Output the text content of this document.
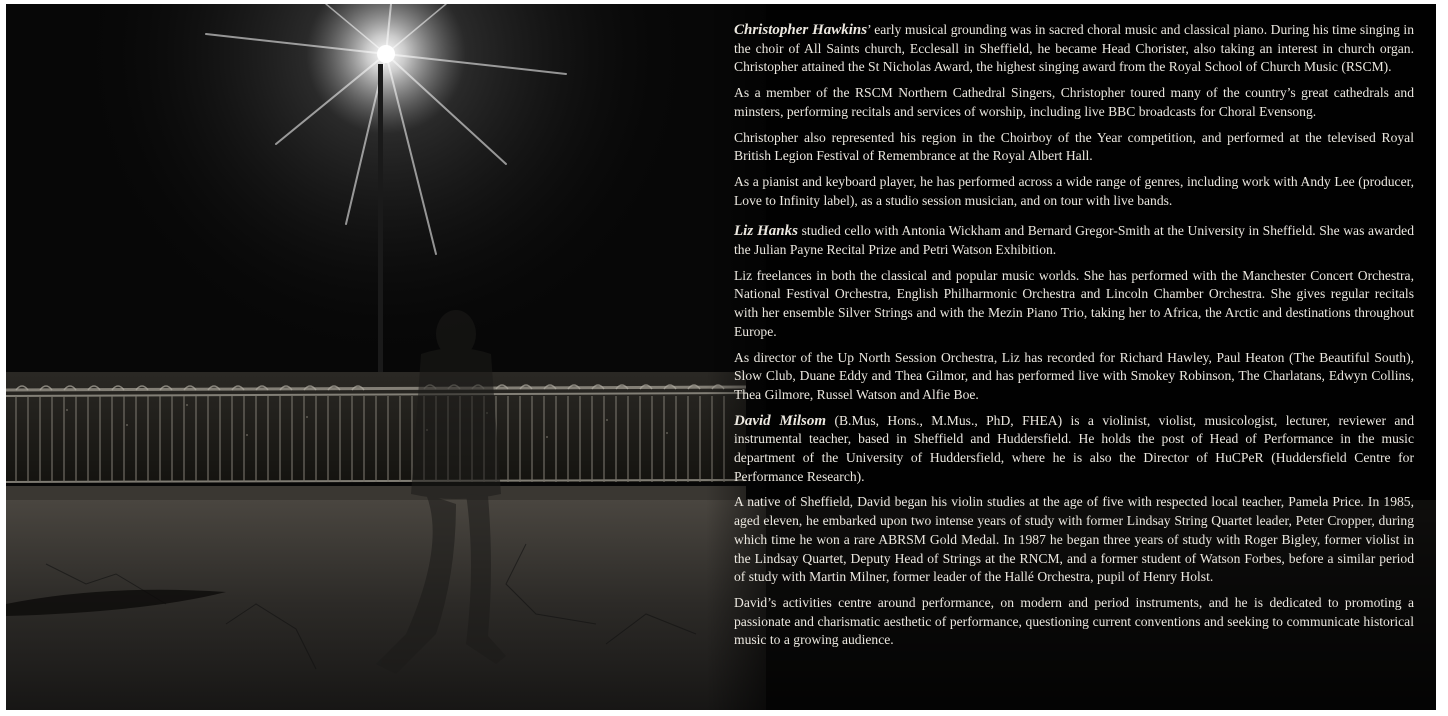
Christopher Hawkins’ early musical grounding was in sacred choral music and classical piano. During his time singing in the choir of All Saints church, Ecclesall in Sheffield, he became Head Chorister, also taking an interest in church organ. Christopher attained the St Nicholas Award, the highest singing award from the Royal School of Church Music (RSCM).

As a member of the RSCM Northern Cathedral Singers, Christopher toured many of the country’s great cathedrals and minsters, performing recitals and services of worship, including live BBC broadcasts for Choral Evensong.

Christopher also represented his region in the Choirboy of the Year competition, and performed at the televised Royal British Legion Festival of Remembrance at the Royal Albert Hall.

As a pianist and keyboard player, he has performed across a wide range of genres, including work with Andy Lee (producer, Love to Infinity label), as a studio session musician, and on tour with live bands.

Liz Hanks studied cello with Antonia Wickham and Bernard Gregor-Smith at the University in Sheffield. She was awarded the Julian Payne Recital Prize and Petri Watson Exhibition.

Liz freelances in both the classical and popular music worlds. She has performed with the Manchester Concert Orchestra, National Festival Orchestra, English Philharmonic Orchestra and Lincoln Chamber Orchestra. She gives regular recitals with her ensemble Silver Strings and with the Mezin Piano Trio, taking her to Africa, the Arctic and destinations throughout Europe.

As director of the Up North Session Orchestra, Liz has recorded for Richard Hawley, Paul Heaton (The Beautiful South), Slow Club, Duane Eddy and Thea Gilmor, and has performed live with Smokey Robinson, The Charlatans, Edwyn Collins, Thea Gilmore, Russel Watson and Alfie Boe.

David Milsom (B.Mus, Hons., M.Mus., PhD, FHEA) is a violinist, violist, musicologist, lecturer, reviewer and instrumental teacher, based in Sheffield and Huddersfield. He holds the post of Head of Performance in the music department of the University of Huddersfield, where he is also the Director of HuCPeR (Huddersfield Centre for Performance Research).

A native of Sheffield, David began his violin studies at the age of five with respected local teacher, Pamela Price. In 1985, aged eleven, he embarked upon two intense years of study with former Lindsay String Quartet leader, Peter Cropper, during which time he won a rare ABRSM Gold Medal. In 1987 he began three years of study with Roger Bigley, former violist in the Lindsay Quartet, Deputy Head of Strings at the RNCM, and a former student of Watson Forbes, before a similar period of study with Martin Milner, former leader of the Hallé Orchestra, pupil of Henry Holst.

David’s activities centre around performance, on modern and period instruments, and he is dedicated to promoting a passionate and charismatic aesthetic of performance, questioning current conventions and seeking to communicate historical music to a growing audience.
